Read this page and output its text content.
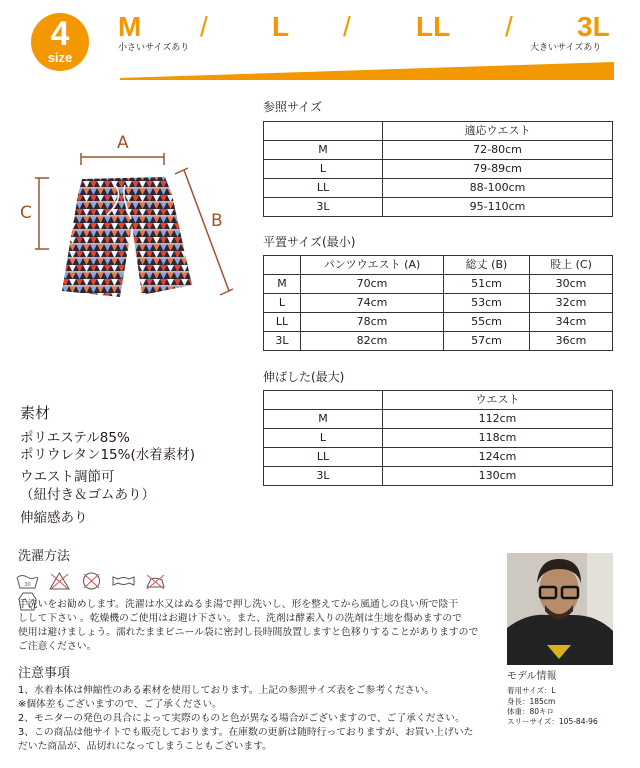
4
size
M / L / LL / 3L
小さいサイズあり	大きいサイズあり
A
C	B
参照サイズ
	適応ウエスト
M	72-80cm
L	79-89cm
LL	88-100cm
3L	95-110cm
平置サイズ(最小)
	パンツウエスト (A)	総丈 (B)	股上 (C)
M	70cm	51cm	30cm
L	74cm	53cm	32cm
LL	78cm	55cm	34cm
3L	82cm	57cm	36cm
伸ばした(最大)
	ウエスト
M	112cm
L	118cm
LL	124cm
3L	130cm
素材
ポリエステル85%
ポリウレタン15%(水着素材)
ウエスト調節可
（紐付き＆ゴムあり）
伸縮感あり
洗濯方法
30

手洗いをお勧めします。洗濯は水又はぬるま湯で押し洗いし、形を整えてから風通しの良い所で陰干
しして下さい 。乾燥機のご使用はお避け下さい。また、洗剤は酵素入りの洗剤は生地を傷めますので
使用は避けましょう。濡れたままビニール袋に密封し長時間放置しますと色移りすることがありますので
ご注意ください。
注意事項
1、水着本体は伸縮性のある素材を使用しております。上記の参照サイズ表をご参考ください。
※個体差もございますので、ご了承ください。
2、モニターの発色の具合によって実際のものと色が異なる場合がございますので、ご了承ください。
3、この商品は他サイトでも販売しております。在庫数の更新は随時行っておりますが、お買い上げいた
だいた商品が、品切れになってしまうこともございます。
モデル情報
着用サイズ：L
身長：185cm
体重：80キロ
スリーサイズ：105-84-96
